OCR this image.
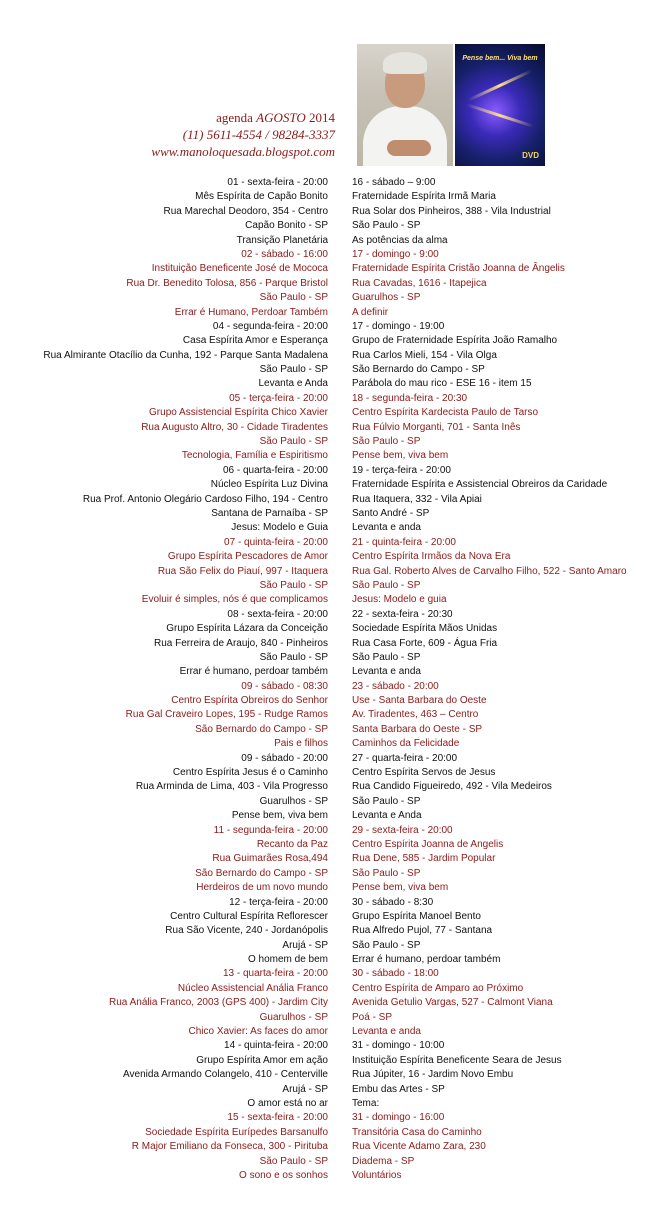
Pense bem... Viva bem
DVD
agenda AGOSTO 2014
(11) 5611-4554 / 98284-3337
www.manoloquesada.blogspot.com
01 - sexta-feira - 20:00	16 - sábado – 9:00
Mês Espírita de Capão Bonito	Fraternidade Espírita Irmã Maria
Rua Marechal Deodoro, 354 - Centro	Rua Solar dos Pinheiros, 388 - Vila Industrial
Capão Bonito - SP	São Paulo - SP
Transição Planetária	As potências da alma
02 - sábado - 16:00	17 - domingo - 9:00
Instituição Beneficente José de Mococa	Fraternidade Espírita Cristão Joanna de Ângelis
Rua Dr. Benedito Tolosa, 856 - Parque Bristol	Rua Cavadas, 1616 - Itapejica
São Paulo - SP	Guarulhos - SP
Errar é Humano, Perdoar Também	A definir
04 - segunda-feira - 20:00	17 - domingo - 19:00
Casa Espírita Amor e Esperança	Grupo de Fraternidade Espírita João Ramalho
Rua Almirante Otacílio da Cunha, 192 - Parque Santa Madalena	Rua Carlos Mieli, 154 - Vila Olga
São Paulo - SP	São Bernardo do Campo - SP
Levanta e Anda	Parábola do mau rico - ESE 16 - item 15
05 - terça-feira - 20:00	18 - segunda-feira - 20:30
Grupo Assistencial Espírita Chico Xavier	Centro Espírita Kardecista Paulo de Tarso
Rua Augusto Altro, 30 - Cidade Tiradentes	Rua Fúlvio Morganti, 701 - Santa Inês
São Paulo - SP	São Paulo - SP
Tecnologia, Família e Espiritismo	Pense bem, viva bem
06 - quarta-feira - 20:00	19 - terça-feira - 20:00
Núcleo Espírita Luz Divina	Fraternidade Espírita e Assistencial Obreiros da Caridade
Rua Prof. Antonio Olegário Cardoso Filho, 194 - Centro	Rua Itaquera, 332 - Vila Apiai
Santana de Parnaíba - SP	Santo André - SP
Jesus: Modelo e Guia	Levanta e anda
07 - quinta-feira - 20:00	21 - quinta-feira - 20:00
Grupo Espírita Pescadores de Amor	Centro Espírita Irmãos da Nova Era
Rua São Felix do Piauí, 997 - Itaquera	Rua Gal. Roberto Alves de Carvalho Filho, 522 - Santo Amaro
São Paulo - SP	São Paulo - SP
Evoluir é simples, nós é que complicamos	Jesus: Modelo e guia
08 - sexta-feira - 20:00	22 - sexta-feira - 20:30
Grupo Espírita Lázara da Conceição	Sociedade Espírita Mãos Unidas
Rua Ferreira de Araujo, 840 - Pinheiros	Rua Casa Forte, 609 - Água Fria
São Paulo - SP	São Paulo - SP
Errar é humano, perdoar também	Levanta e anda
09 - sábado - 08:30	23 - sábado - 20:00
Centro Espírita Obreiros do Senhor	Use - Santa Barbara do Oeste
Rua Gal Craveiro Lopes, 195 - Rudge Ramos	Av. Tiradentes, 463 – Centro
São Bernardo do Campo - SP	Santa Barbara do Oeste - SP
Pais e filhos	Caminhos da Felicidade
09 - sábado - 20:00	27 - quarta-feira - 20:00
Centro Espírita Jesus é o Caminho	Centro Espírita Servos de Jesus
Rua Arminda de Lima, 403 - Vila Progresso	Rua Candido Figueiredo, 492 - Vila Medeiros
Guarulhos - SP	São Paulo - SP
Pense bem, viva bem	Levanta e Anda
11 - segunda-feira - 20:00	29 - sexta-feira - 20:00
Recanto da Paz	Centro Espírita Joanna de Angelis
Rua Guimarães Rosa,494	Rua Dene, 585 - Jardim Popular
São Bernardo do Campo - SP	São Paulo - SP
Herdeiros de um novo mundo	Pense bem, viva bem
12 - terça-feira - 20:00	30 - sábado - 8:30
Centro Cultural Espírita Reflorescer	Grupo Espírita Manoel Bento
Rua São Vicente, 240 - Jordanópolis	Rua Alfredo Pujol, 77 - Santana
Arujá - SP	São Paulo - SP
O homem de bem	Errar é humano, perdoar também
13 - quarta-feira - 20:00	30 - sábado - 18:00
Núcleo Assistencial Anália Franco	Centro Espírita de Amparo ao Próximo
Rua Anália Franco, 2003 (GPS 400) - Jardim City	Avenida Getulio Vargas, 527 - Calmont Viana
Guarulhos - SP	Poá - SP
Chico Xavier: As faces do amor	Levanta e anda
14 - quinta-feira - 20:00	31 - domingo - 10:00
Grupo Espírita Amor em ação	Instituição Espírita Beneficente Seara de Jesus
Avenida Armando Colangelo, 410 - Centerville	Rua Júpiter, 16 - Jardim Novo Embu
Arujá - SP	Embu das Artes - SP
O amor está no ar	Tema:
15 - sexta-feira - 20:00	31 - domingo - 16:00
Sociedade Espírita Eurípedes Barsanulfo	Transitória Casa do Caminho
R Major Emiliano da Fonseca, 300 - Pirituba	Rua Vicente Adamo Zara, 230
São Paulo - SP	Diadema - SP
O sono e os sonhos	Voluntários
